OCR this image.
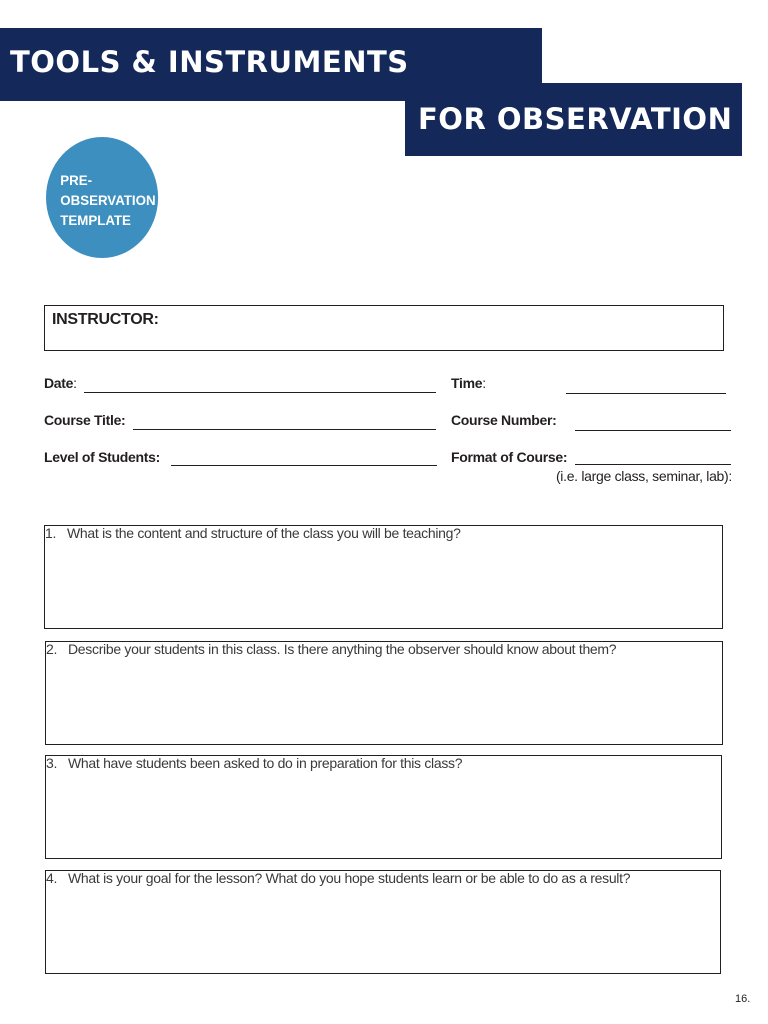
TOOLS & INSTRUMENTS
FOR OBSERVATION
PRE-
OBSERVATION
TEMPLATE
INSTRUCTOR:
Date:	Time:
Course Title:	Course Number:
Level of Students:	Format of Course:
(i.e. large class, seminar, lab):
1. What is the content and structure of the class you will be teaching?
2. Describe your students in this class. Is there anything the observer should know about them?
3. What have students been asked to do in preparation for this class?
4. What is your goal for the lesson? What do you hope students learn or be able to do as a result?
16.
